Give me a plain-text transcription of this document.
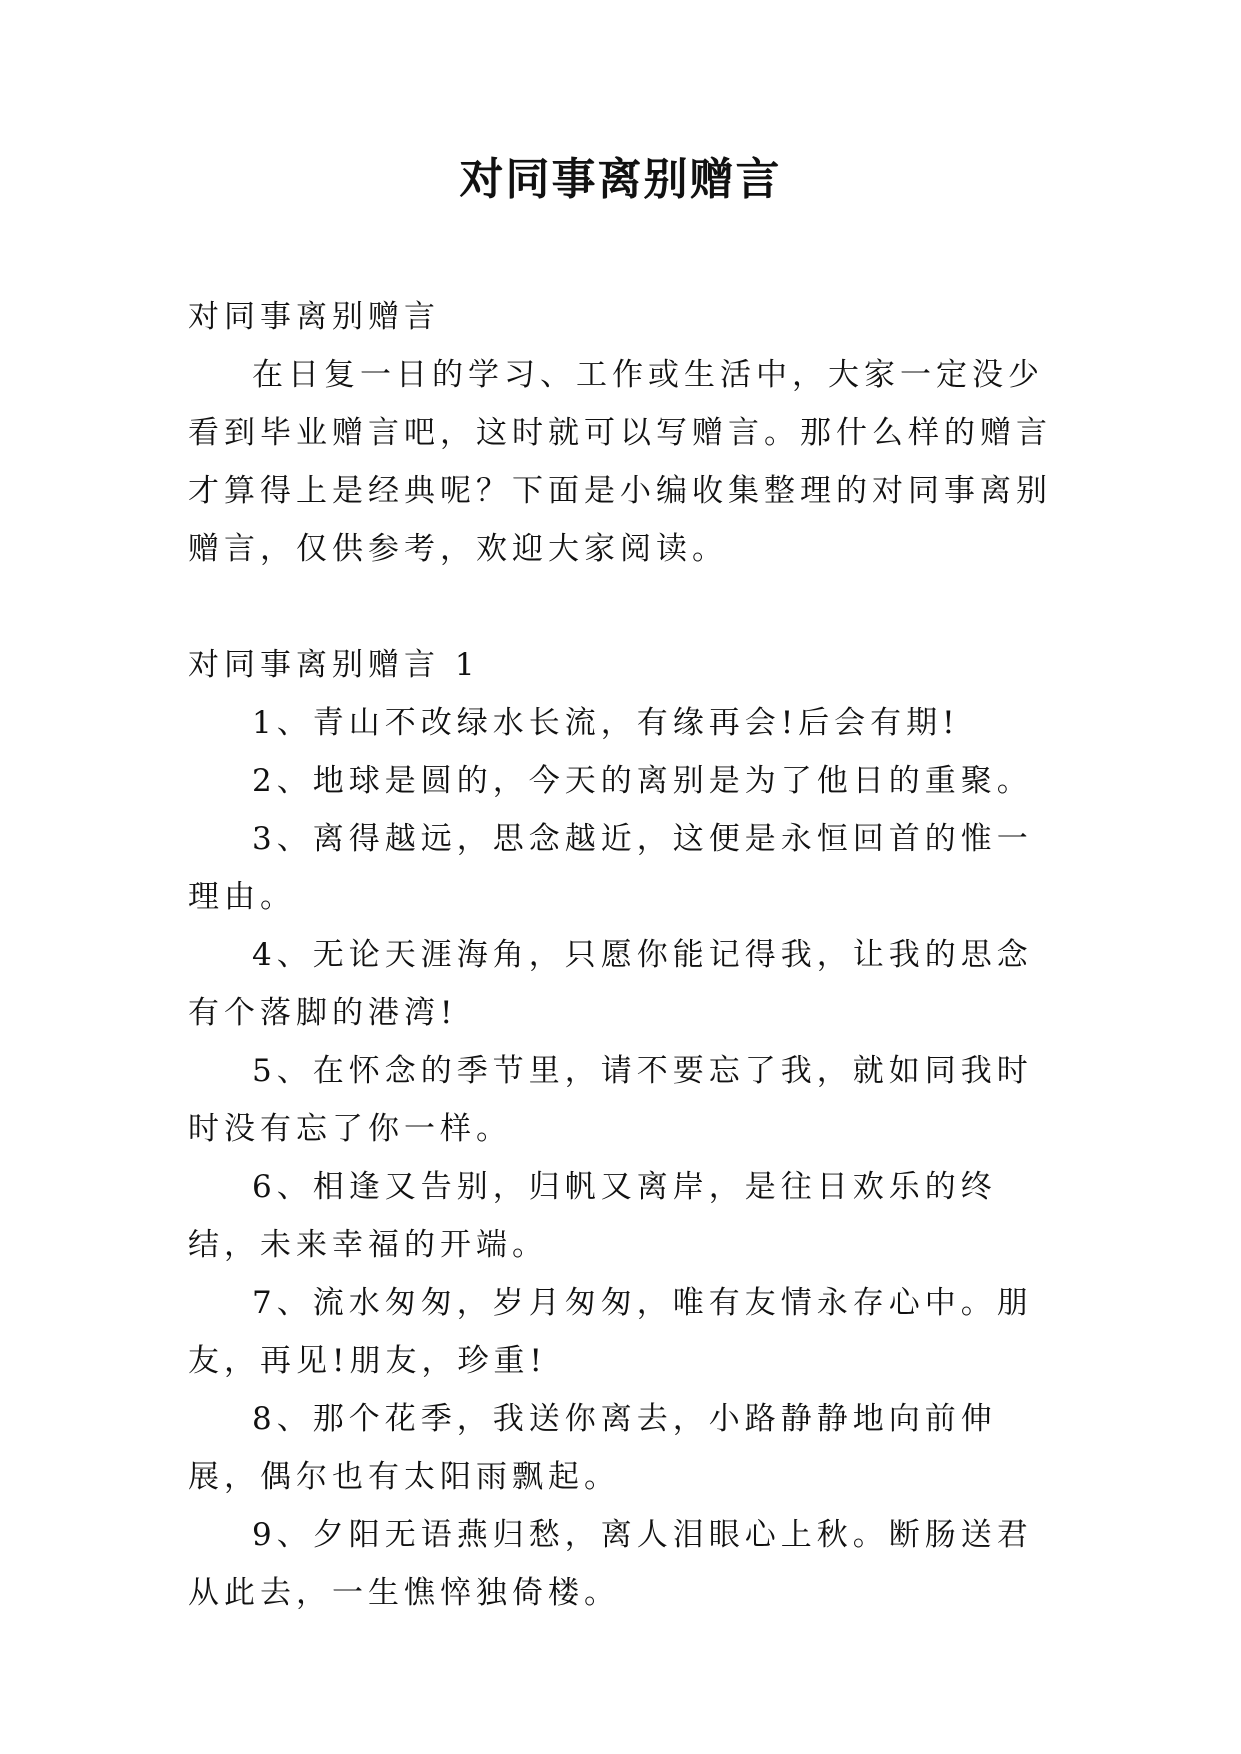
对同事离别赠言

对同事离别赠言

在日复一日的学习、工作或生活中，大家一定没少看到毕业赠言吧，这时就可以写赠言。那什么样的赠言才算得上是经典呢？下面是小编收集整理的对同事离别赠言，仅供参考，欢迎大家阅读。

对同事离别赠言 1

1、青山不改绿水长流，有缘再会!后会有期!

2、地球是圆的，今天的离别是为了他日的重聚。

3、离得越远，思念越近，这便是永恒回首的惟一理由。

4、无论天涯海角，只愿你能记得我，让我的思念有个落脚的港湾!

5、在怀念的季节里，请不要忘了我，就如同我时时没有忘了你一样。

6、相逢又告别，归帆又离岸，是往日欢乐的终结，未来幸福的开端。

7、流水匆匆，岁月匆匆，唯有友情永存心中。朋友，再见!朋友，珍重!

8、那个花季，我送你离去，小路静静地向前伸展，偶尔也有太阳雨飘起。

9、夕阳无语燕归愁，离人泪眼心上秋。断肠送君从此去，一生憔悴独倚楼。
